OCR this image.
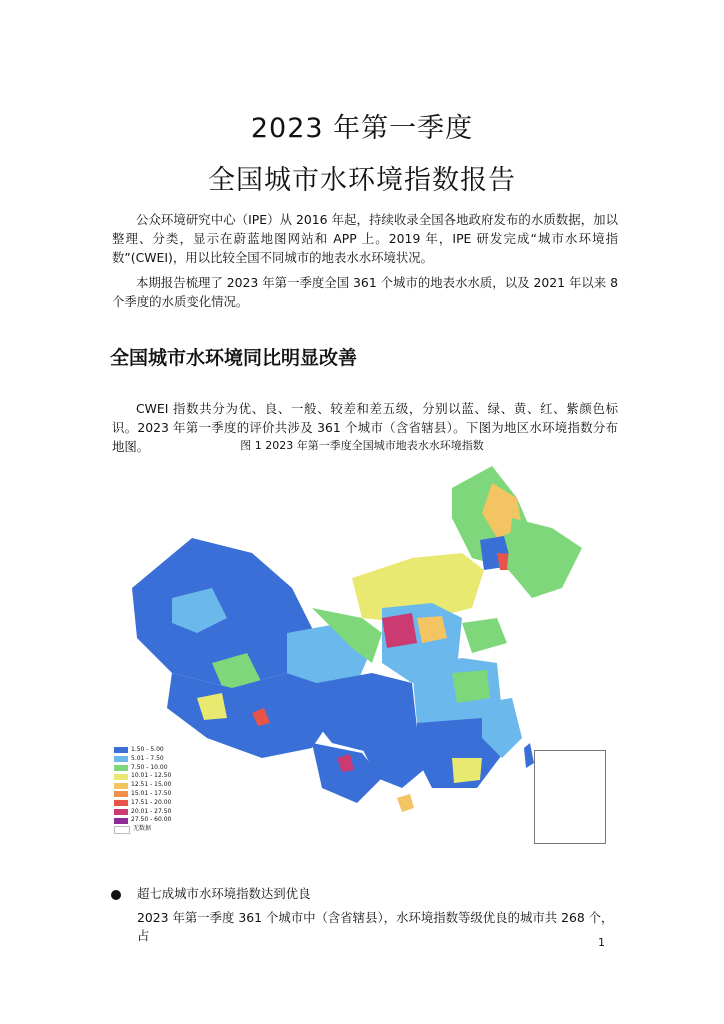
2023 年第一季度
全国城市水环境指数报告

公众环境研究中心（IPE）从 2016 年起，持续收录全国各地政府发布的水质数据，加以整理、分类，显示在蔚蓝地图网站和 APP 上。2019 年，IPE 研发完成“城市水环境指数”(CWEI)，用以比较全国不同城市的地表水水环境状况。

本期报告梳理了 2023 年第一季度全国 361 个城市的地表水水质，以及 2021 年以来 8 个季度的水质变化情况。

全国城市水环境同比明显改善

CWEI 指数共分为优、良、一般、较差和差五级，分别以蓝、绿、黄、红、紫颜色标识。2023 年第一季度的评价共涉及 361 个城市（含省辖县）。下图为地区水环境指数分布地图。	图 1 2023 年第一季度全国城市地表水水环境指数
1.50 - 5.00
5.01 - 7.50
7.50 - 10.00
10.01 - 12.50
12.51 - 15.00
15.01 - 17.50
17.51 - 20.00
20.01 - 27.50
27.50 - 60.00
无数据

超七成城市水环境指数达到优良

2023 年第一季度 361 个城市中（含省辖县），水环境指数等级优良的城市共 268 个，占	1
